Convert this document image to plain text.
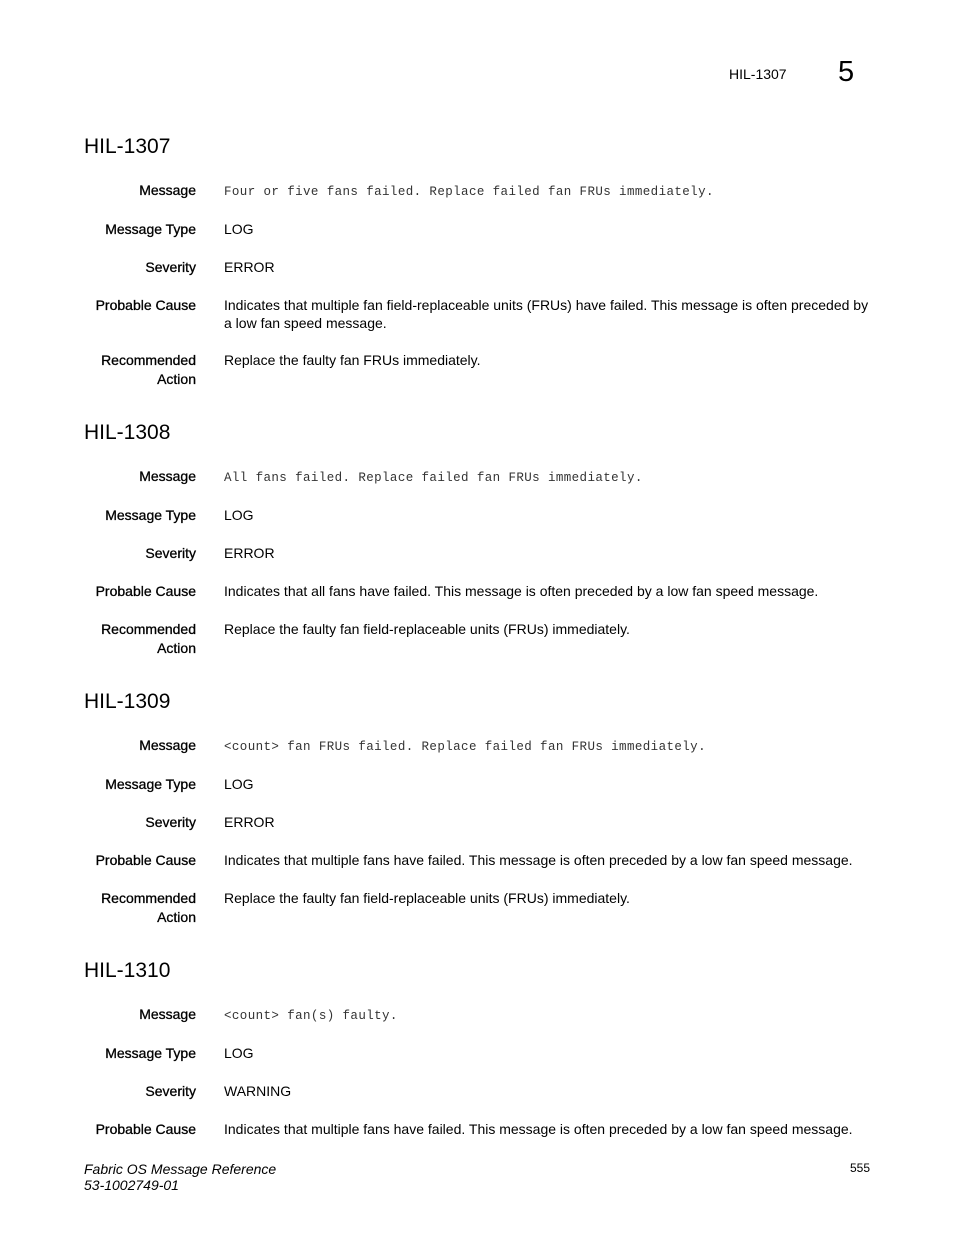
HIL-1307 5
HIL-1307
Message Four or five fans failed. Replace failed fan FRUs immediately.
Message Type LOG
Severity ERROR
Probable Cause Indicates that multiple fan field-replaceable units (FRUs) have failed. This message is often preceded by a low fan speed message.
Recommended
Action
Replace the faulty fan FRUs immediately.
HIL-1308
Message All fans failed. Replace failed fan FRUs immediately.
Message Type LOG
Severity ERROR
Probable Cause Indicates that all fans have failed. This message is often preceded by a low fan speed message.
Recommended
Action
Replace the faulty fan field-replaceable units (FRUs) immediately.
HIL-1309
Message <count> fan FRUs failed. Replace failed fan FRUs immediately.
Message Type LOG
Severity ERROR
Probable Cause Indicates that multiple fans have failed. This message is often preceded by a low fan speed message.
Recommended
Action
Replace the faulty fan field-replaceable units (FRUs) immediately.
HIL-1310
Message <count> fan(s) faulty.
Message Type LOG
Severity WARNING
Probable Cause Indicates that multiple fans have failed. This message is often preceded by a low fan speed message.
Fabric OS Message Reference
53-1002749-01
555
